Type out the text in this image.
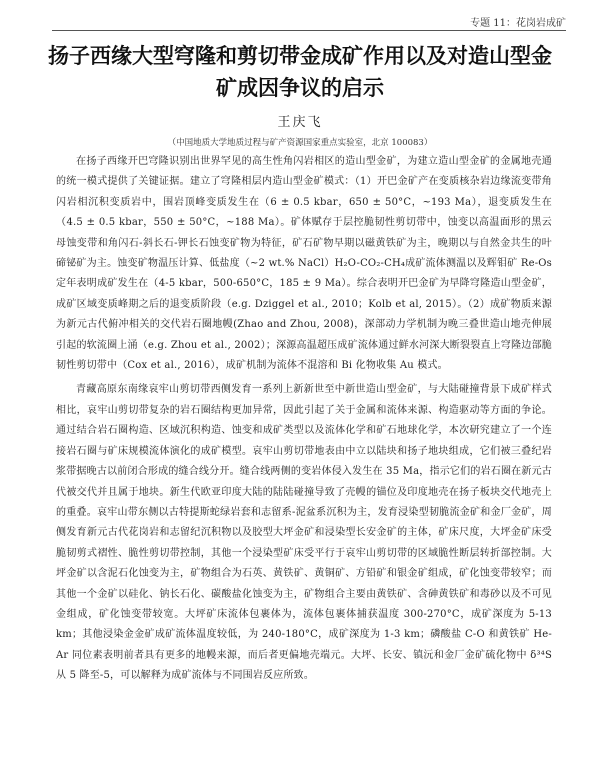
专题 11：花岗岩成矿
扬子西缘大型穹隆和剪切带金成矿作用以及对造山型金矿成因争议的启示
王庆飞
（中国地质大学地质过程与矿产资源国家重点实验室，北京 100083）

在扬子西缘开巴穹隆识别出世界罕见的高生性角闪岩相区的造山型金矿，为建立造山型金矿的金属地壳通的统一模式提供了关键证据。建立了穹隆相层内造山型金矿模式：（1）开巴金矿产在变质核杂岩边缘流变带角闪岩相沉积变质岩中，围岩顶峰变质发生在（6 ± 0.5 kbar，650 ± 50°C，~193 Ma），退变质发生在（4.5 ± 0.5 kbar，550 ± 50°C，~188 Ma）。矿体赋存于层控脆韧性剪切带中，蚀变以高温面形的黑云母蚀变带和角闪石-斜长石-钾长石蚀变矿物为特征，矿石矿物早期以磁黄铁矿为主，晚期以与自然金共生的叶碲铋矿为主。蚀变矿物温压计算、低盐度（~2 wt.% NaCl）H₂O-CO₂-CH₄成矿流体测温以及辉钼矿 Re-Os 定年表明成矿发生在（4-5 kbar，500-650°C，185 ± 9 Ma）。综合表明开巴金矿为早降穹隆造山型金矿，成矿区域变质峰期之后的退变质阶段（e.g. Dziggel et al., 2010；Kolb et al, 2015）。（2）成矿物质来源为新元古代俯冲相关的交代岩石圈地幔(Zhao and Zhou, 2008)，深部动力学机制为晚三叠世造山地壳伸展引起的软流圈上涌（e.g. Zhou et al., 2002）；深源高温超压成矿流体通过鲜水河深大断裂裂直上穹隆边部脆韧性剪切带中（Cox et al., 2016），成矿机制为流体不混溶和 Bi 化物收集 Au 模式。

青藏高原东南缘哀牢山剪切带西侧发育一系列上新新世至中新世造山型金矿，与大陆碰撞背景下成矿样式相比，哀牢山剪切带复杂的岩石圈结构更加异常，因此引起了关于金属和流体来源、构造驱动等方面的争论。通过结合岩石圈构造、区域沉积构造、蚀变和成矿类型以及流体化学和矿石地球化学，本次研究建立了一个连接岩石圈与矿床规模流体演化的成矿模型。哀牢山剪切带地表由中立以陆块和扬子地块组成，它们被三叠纪岩浆带据晚古以前闭合形成的缝合线分开。缝合线两侧的变岩体侵入发生在 35 Ma，指示它们的岩石圈在新元古代被交代并且属于地块。新生代欧亚印度大陆的陆陆碰撞导致了壳幔的锚位及印度地壳在扬子板块交代地壳上的重叠。哀牢山带东侧以古特提斯蛇绿岩套和志留系-泥盆系沉积为主，发育浸染型韧脆流金矿和金厂金矿，周侧发育新元古代花岗岩和志留纪沉积物以及胶型大坪金矿和浸染型长安金矿的主体，矿床尺度，大坪金矿床受脆韧剪式褶性、脆性剪切带控制，其他一个浸染型矿床受平行于哀牢山剪切带的区域脆性断层转折部控制。大坪金矿以含泥石化蚀变为主，矿物组合为石英、黄铁矿、黄铜矿、方铅矿和银金矿组成，矿化蚀变带较窄；而其他一个金矿以硅化、钠长石化、碳酸盐化蚀变为主，矿物组合主要由黄铁矿、含砷黄铁矿和毒砂以及不可见金组成，矿化蚀变带较宽。大坪矿床流体包裹体为，流体包裹体捕获温度 300-270°C，成矿深度为 5-13 km；其他浸染金金矿成矿流体温度较低，为 240-180°C，成矿深度为 1-3 km；磷酸盐 C-O 和黄铁矿 He-Ar 同位素表明前者具有更多的地幔来源，而后者更偏地壳端元。大坪、长安、镇沅和金厂金矿硫化物中 δ³⁴S 从 5 降至-5，可以解释为成矿流体与不同围岩反应所致。
